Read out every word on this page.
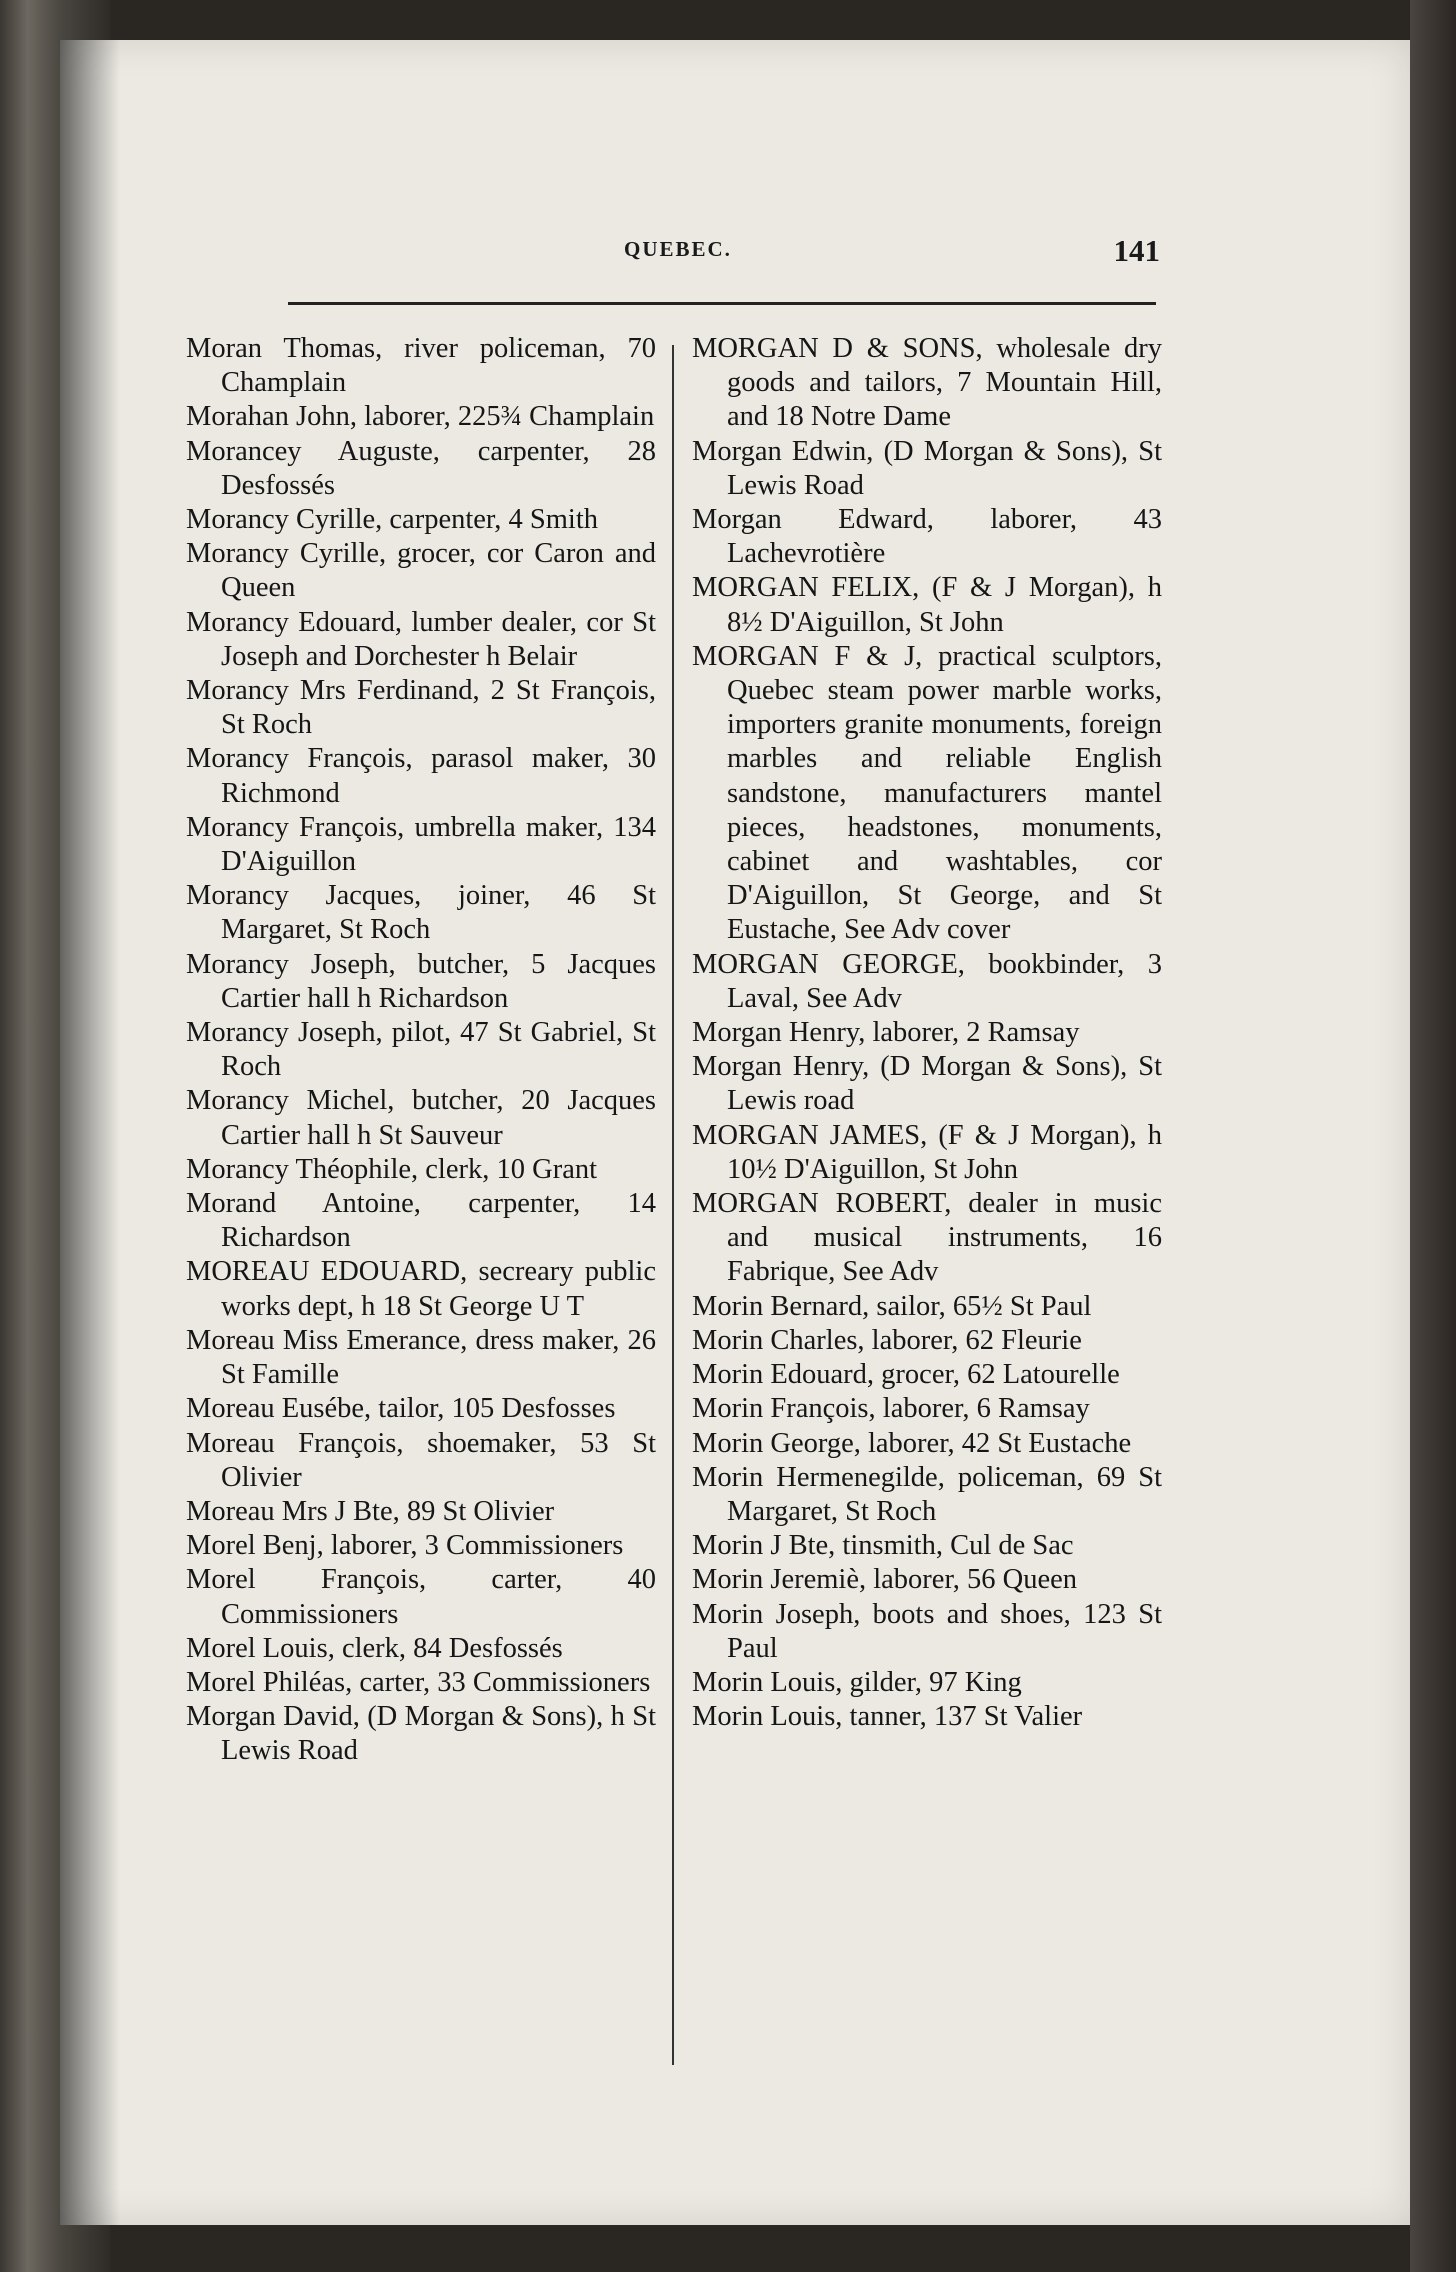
QUEBEC.	141

Moran Thomas, river policeman, 70 Champlain

Morahan John, laborer, 225¾ Champlain

Morancey Auguste, carpenter, 28 Desfossés

Morancy Cyrille, carpenter, 4 Smith

Morancy Cyrille, grocer, cor Caron and Queen

Morancy Edouard, lumber dealer, cor St Joseph and Dorchester h Belair

Morancy Mrs Ferdinand, 2 St François, St Roch

Morancy François, parasol maker, 30 Richmond

Morancy François, umbrella maker, 134 D'Aiguillon

Morancy Jacques, joiner, 46 St Margaret, St Roch

Morancy Joseph, butcher, 5 Jacques Cartier hall h Richardson

Morancy Joseph, pilot, 47 St Gabriel, St Roch

Morancy Michel, butcher, 20 Jacques Cartier hall h St Sauveur

Morancy Théophile, clerk, 10 Grant

Morand Antoine, carpenter, 14 Richardson

MOREAU EDOUARD, secreary public works dept, h 18 St George U T

Moreau Miss Emerance, dress maker, 26 St Famille

Moreau Eusébe, tailor, 105 Desfosses

Moreau François, shoemaker, 53 St Olivier

Moreau Mrs J Bte, 89 St Olivier

Morel Benj, laborer, 3 Commissioners

Morel François, carter, 40 Commissioners

Morel Louis, clerk, 84 Desfossés

Morel Philéas, carter, 33 Commissioners

Morgan David, (D Morgan & Sons), h St Lewis Road

MORGAN D & SONS, wholesale dry goods and tailors, 7 Mountain Hill, and 18 Notre Dame

Morgan Edwin, (D Morgan & Sons), St Lewis Road

Morgan Edward, laborer, 43 Lachevrotière

MORGAN FELIX, (F & J Morgan), h 8½ D'Aiguillon, St John

MORGAN F & J, practical sculptors, Quebec steam power marble works, importers granite monuments, foreign marbles and reliable English sandstone, manufacturers mantel pieces, headstones, monuments, cabinet and washtables, cor D'Aiguillon, St George, and St Eustache, See Adv cover

MORGAN GEORGE, bookbinder, 3 Laval, See Adv

Morgan Henry, laborer, 2 Ramsay

Morgan Henry, (D Morgan & Sons), St Lewis road

MORGAN JAMES, (F & J Morgan), h 10½ D'Aiguillon, St John

MORGAN ROBERT, dealer in music and musical instruments, 16 Fabrique, See Adv

Morin Bernard, sailor, 65½ St Paul

Morin Charles, laborer, 62 Fleurie

Morin Edouard, grocer, 62 Latourelle

Morin François, laborer, 6 Ramsay

Morin George, laborer, 42 St Eustache

Morin Hermenegilde, policeman, 69 St Margaret, St Roch

Morin J Bte, tinsmith, Cul de Sac

Morin Jeremiè, laborer, 56 Queen

Morin Joseph, boots and shoes, 123 St Paul

Morin Louis, gilder, 97 King

Morin Louis, tanner, 137 St Valier
